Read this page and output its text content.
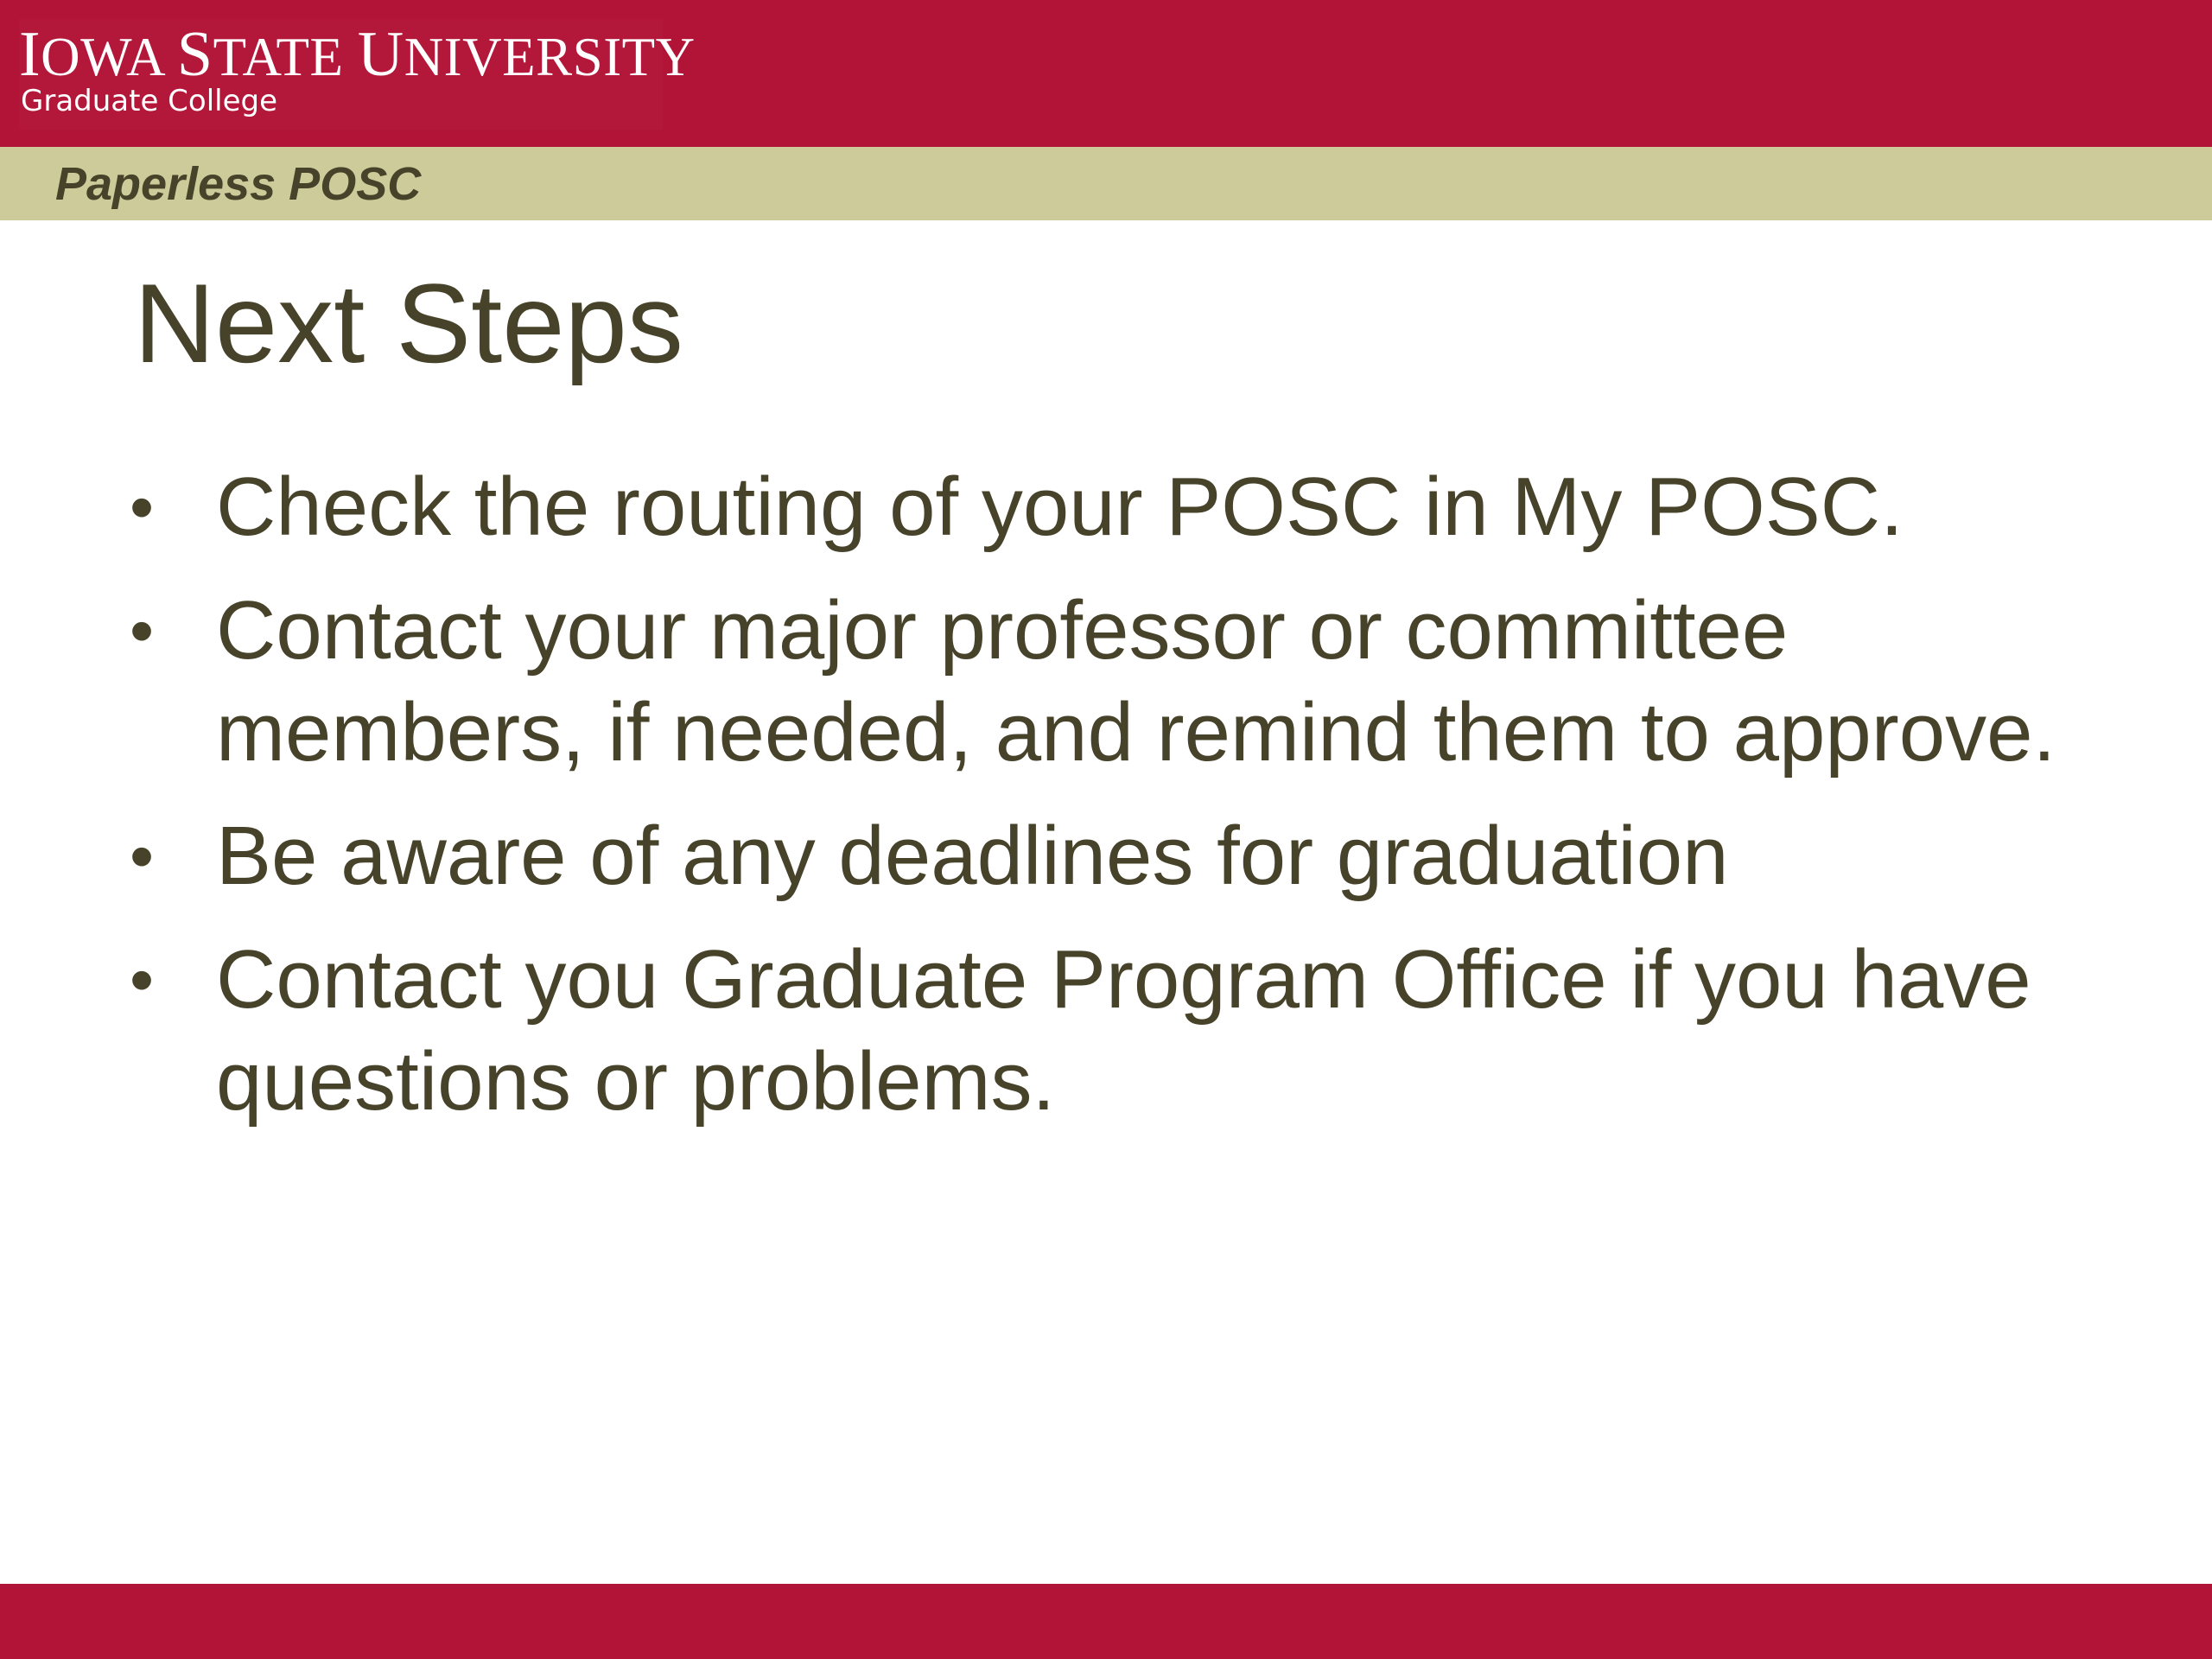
IOWA STATE UNIVERSITY
Graduate College
Paperless POSC
Next Steps
• Check the routing of your POSC in My POSC.
• Contact your major professor or committee members, if needed, and remind them to approve.
• Be aware of any deadlines for graduation
• Contact you Graduate Program Office if you have questions or problems.
